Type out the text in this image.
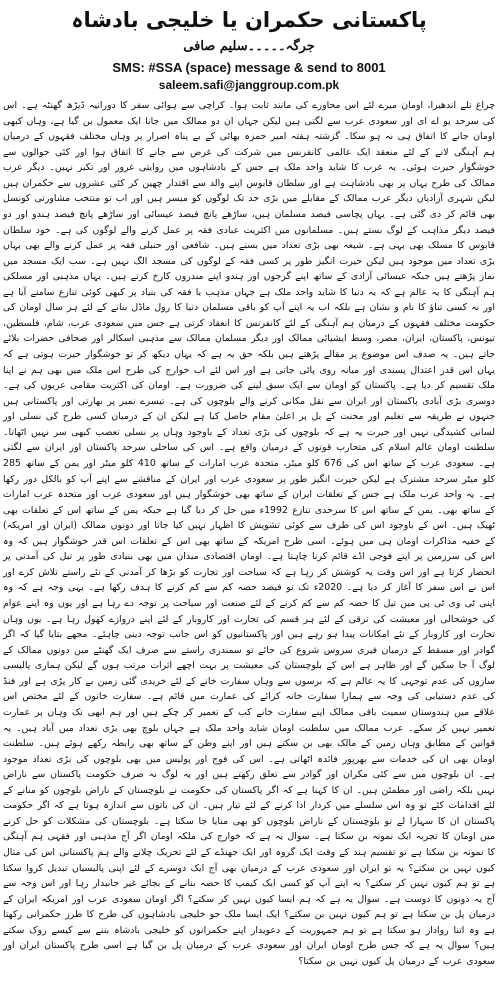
پاکستانی حکمران یا خلیجی بادشاہ
جرگہ۔۔۔۔۔سلیم صافی
SMS: #SSA (space) message & send to 8001
saleem.safi@janggroup.com.pk

چراغ تلے اندھیرا، اومان میرے لئے اس محاورے کی مانند ثابت ہوا۔ کراچی سے ہوائی سفر کا دورانیہ ڈیڑھ گھنٹہ ہے۔ اس کی سرحد یو اے ای اور سعودی عرب سے لگتی ہیں لیکن جہاں ان دو ممالک میں جانا ایک معمول بن گیا ہے، وہاں کبھی اومان جانے کا اتفاق ہی نہ ہو سکا۔ گزشتہ ہفتہ امیر حمزہ بھائی کے بے پناہ اصرار پر وہاں مختلف فقہوں کے درمیان ہم آہنگی لانے کے لئے منعقد ایک عالمی کانفرنس میں شرکت کی غرض سے جانے کا اتفاق ہوا اور کئی حوالوں سے خوشگوار حیرت ہوئی۔ یہ عرب کا شاید واحد ملک ہے جس کے بادشاہوں میں روایتی غرور اور تکبر نہیں۔ دیگر عرب ممالک کی طرح یہاں پر بھی بادشاہت ہے اور سلطان قابوس اپنے والد سے اقتدار چھین کر کئی عشروں سے حکمران ہیں لیکن شہری آزادیاں دیگر عرب ممالک کے مقابلے میں بڑی حد تک لوگوں کو میسر ہیں اور اب تو منتخب مشاورتی کونسل بھی قائم کر دی گئی ہے۔ یہاں پچاسی فیصد مسلمان ہیں، ساڑھے پانچ فیصد عیسائی اور ساڑھے پانچ فیصد ہندو اور دو فیصد دیگر مذاہب کے لوگ بستے ہیں۔ مسلمانوں میں اکثریت عبادی فقہ پر عمل کرنے والے لوگوں کی ہے۔ خود سلطان قابوس کا مسلک بھی یہی ہے۔ شیعہ بھی بڑی تعداد میں بستے ہیں۔ شافعی اور حنبلی فقہ پر عمل کرنے والے بھی یہاں بڑی تعداد میں موجود ہیں لیکن حیرت انگیز طور پر کسی فقہ کے لوگوں کی مسجد الگ نہیں ہے۔ سب ایک مسجد میں نماز پڑھتے ہیں جبکہ عیسائی آزادی کے ساتھ اپنے گرجوں اور ہندو اپنے مندروں کارخ کرتے ہیں۔ یہاں مذہبی اور مسلکی ہم آہنگی کا یہ عالم ہے کہ یہ دنیا کا شاید واحد ملک ہے جہاں مذہب یا فقہ کی بنیاد پر کبھی کوئی تنازع سامنے آیا ہے اور نہ کسی تناؤ کا نام و نشان ہے بلکہ اب یہ اپنے آپ کو باقی مسلمان دنیا کا رول ماڈل بنانے کے لئے ہر سال اومان کی حکومت مختلف فقہوں کے درمیان ہم آہنگی کے لئے کانفرنس کا انعقاد کرتی ہے جس میں سعودی عرب، شام، فلسطین، تیونس، پاکستان، ایران، مصر، وسط ایشیائی ممالک اور دیگر مسلمان ممالک سے مذہبی اسکالر اور صحافی حضرات بلائے جاتے ہیں۔ یہ صدف اس موضوع پر مقالے پڑھتے ہیں بلکہ حق یہ ہے کہ یہاں دیکھ کر تو خوشگوار حیرت ہوتی ہے کہ یہاں اس قدر اعتدال پسندی اور میانہ روی پائی جاتی ہے اور اس لئے اب خوارج کی طرح اس ملک میں بھی ہم نے اپنا ملک تقسیم کر دیا ہے۔ پاکستان کو اومان سے ایک سبق لینے کی ضرورت ہے۔ اومان کی اکثریت مقامی عربوں کی ہے۔ دوسری بڑی آبادی پاکستان اور ایران سے نقل مکانی کرنے والے بلوچوں کی ہے۔ تیسرے نمبر پر بھارتی اور پاکستانی ہیں جنہوں نے طریقہ سے تعلیم اور محنت کے بل پر اعلیٰ مقام حاصل کیا ہے لیکن ان کے درمیان کسی طرح کی نسلی اور لسانی کشیدگی نہیں اور حیرت یہ ہے کہ بلوچوں کی بڑی تعداد کے باوجود وہاں پر نسلی تعصب کبھی سر نہیں اٹھاتا۔ سلطنت اومان عالم اسلام کی متحارب قوتوں کے درمیان واقع ہے۔ اس کی ساحلی سرحد پاکستان اور ایران سے لگتی ہے۔ سعودی عرب کے ساتھ اس کی 676 کلو میٹر، متحدہ عرب امارات کے ساتھ 410 کلو میٹر اور یمن کے ساتھ 285 کلو میٹر سرحد مشترک ہے لیکن حیرت انگیز طور پر سعودی عرب اور ایران کے مناقشے سے اپنے آپ کو بالکل دور رکھا ہے۔ یہ واحد عرب ملک ہے جس کے تعلقات ایران کے ساتھ بھی خوشگوار ہیں اور سعودی عرب اور متحدہ عرب امارات کے ساتھ بھی۔ یمن کے ساتھ اس کا سرحدی تنازع 1992ء میں حل کر دیا گیا ہے جبکہ یمن کے ساتھ اس کے تعلقات بھی ٹھیک ہیں۔ اس کے باوجود اس کی طرف سے کوئی تشویش کا اظہار نہیں کیا جاتا اور دونوں ممالک (ایران اور امریکہ) کے خفیہ مذاکرات اومان ہی میں ہوئے۔ اسی طرح امریکہ کے ساتھ بھی اس کے تعلقات اس قدر خوشگوار ہیں کہ وہ اس کی سرزمین پر اپنے فوجی اڈے قائم کرنا چاہتا ہے۔ اومان اقتصادی میدان میں بھی بنیادی طور پر تیل کی آمدنی پر انحصار کرتا ہے اور اس وقت یہ کوشش کر رہا ہے کہ سیاحت اور تجارت کو بڑھا کر آمدنی کے نئے راستے تلاش کرے اور اس نے اس سفر کا آغاز کر دیا ہے۔ 2020ء تک نو فیصد حصہ کم سے کم کرنے کا ہدف رکھا ہے۔ یہی وجہ ہے کہ وہ اپنی ٹی وی ٹی پی میں تیل کا حصہ کم سے کم کرنے کے لئے صنعت اور سیاحت پر توجہ دے رہا ہے اور یوں وہ اپنے عوام کی خوشحالی اور معیشت کی ترقی کے لئے ہر قسم کی تجارت اور کاروبار کے لئے اپنے دروازے کھول رہا ہے۔ یوں وہاں تجارت اور کاروبار کے نئے امکانات پیدا ہو رہے ہیں اور پاکستانیوں کو اس جانب توجہ دینی چاہئے۔ مجھے بتایا گیا کہ اگر گوادر اور مسقط کے درمیان فیری سروس شروع کی جائے تو سمندری راستے سے صرف ایک گھنٹے میں دونوں ممالک کے لوگ آ جا سکیں گے اور ظاہر ہے اس کے بلوچستان کی معیشت پر بہت اچھے اثرات مرتب ہوں گے لیکن ہماری پالیسی سازوں کی عدم توجہی کا یہ عالم ہے کہ برسوں سے وہاں سفارت خانے کے لئے خریدی گئی زمین بے کار پڑی ہے اور فنڈ کی عدم دستیابی کی وجہ سے ہمارا سفارت خانہ کرائے کی عمارت میں قائم ہے۔ سفارت خانوں کے لئے مختص اس علاقے میں ہندوستان سمیت باقی ممالک اپنے سفارت خانے کب کے تعمیر کر چکے ہیں اور ہم ابھی تک وہاں پر عمارت تعمیر نہیں کر سکے۔ عرب ممالک میں سلطنت اومان شاید واحد ملک ہے جہاں بلوچ بھی بڑی تعداد میں آباد ہیں۔ یہ قوانین کے مطابق وہاں زمین کے مالک بھی بن سکتے ہیں اور اپنے وطن کے ساتھ بھی رابطہ رکھے ہوئے ہیں۔ سلطنت اومان بھی ان کی خدمات سے بھرپور فائدہ اٹھاتی ہے۔ اس کی فوج اور پولیس میں بھی بلوچوں کی بڑی تعداد موجود ہے۔ ان بلوچوں میں سے کئی مکران اور گوادر سے تعلق رکھتے ہیں اور یہ لوگ نہ صرف حکومت پاکستان سے ناراض نہیں بلکہ راضی اور مطمئن ہیں۔ ان کا کہنا ہے کہ اگر پاکستان کی حکومت نے بلوچستان کے ناراض بلوچوں کو منانے کے لئے اقدامات کئے تو وہ اس سلسلے میں کردار ادا کرنے کے لئے تیار ہیں۔ ان کی باتوں سے اندازہ ہوتا ہے کہ اگر حکومت پاکستان ان کا سہارا لے تو بلوچستان کے ناراض بلوچوں کو بھی منایا جا سکتا ہے۔ بلوچستان کی مشکلات کو حل کرنے میں اومان کا تجربہ ایک نمونہ بن سکتا ہے۔ سوال یہ ہے کہ خوارج کی ملکہ اومان اگر آج مذہبی اور فقہی ہم آہنگی کا نمونہ بن سکتا ہے تو تقسیم ہند کے وقت ایک گروہ اور ایک جھنڈے کے لئے تحریک چلانے والے ہم پاکستانی اس کی مثال کیوں نہیں بن سکتے؟ یہ تو ایران اور سعودی عرب کے درمیان بھی آج ایک دوسرے کے لئے اپنی پالیسیاں تبدیل کروا سکتا ہے تو ہم کیوں نہیں کر سکتے؟ یہ اپنے آپ کو کسی ایک کیمپ کا حصہ بنانے کے بجائے غیر جانبدار رہا اور اس وجہ سے آج یہ دونوں کا دوست ہے۔ سوال یہ ہے کہ ہم ایسا کیوں نہیں کر سکتے؟ اگر اومان سعودی عرب اور امریکہ ایران کے درمیان پل بن سکتا ہے تو ہم کیوں نہیں بن سکتے؟ ایک ایسا ملک جو خلیجی بادشاہوں کی طرح کا طرز حکمرانی رکھتا ہے وہ اتنا روادار ہو سکتا ہے تو ہم جمہوریت کے دعویدار اپنے حکمرانوں کو خلیجی بادشاہ بننے سے کیسے روک سکتے ہیں؟ سوال یہ ہے کہ جس طرح اومان ایران اور سعودی عرب کے درمیان پل بن گیا ہے اسی طرح پاکستان ایران اور سعودی عرب کے درمیان پل کیوں نہیں بن سکتا؟
